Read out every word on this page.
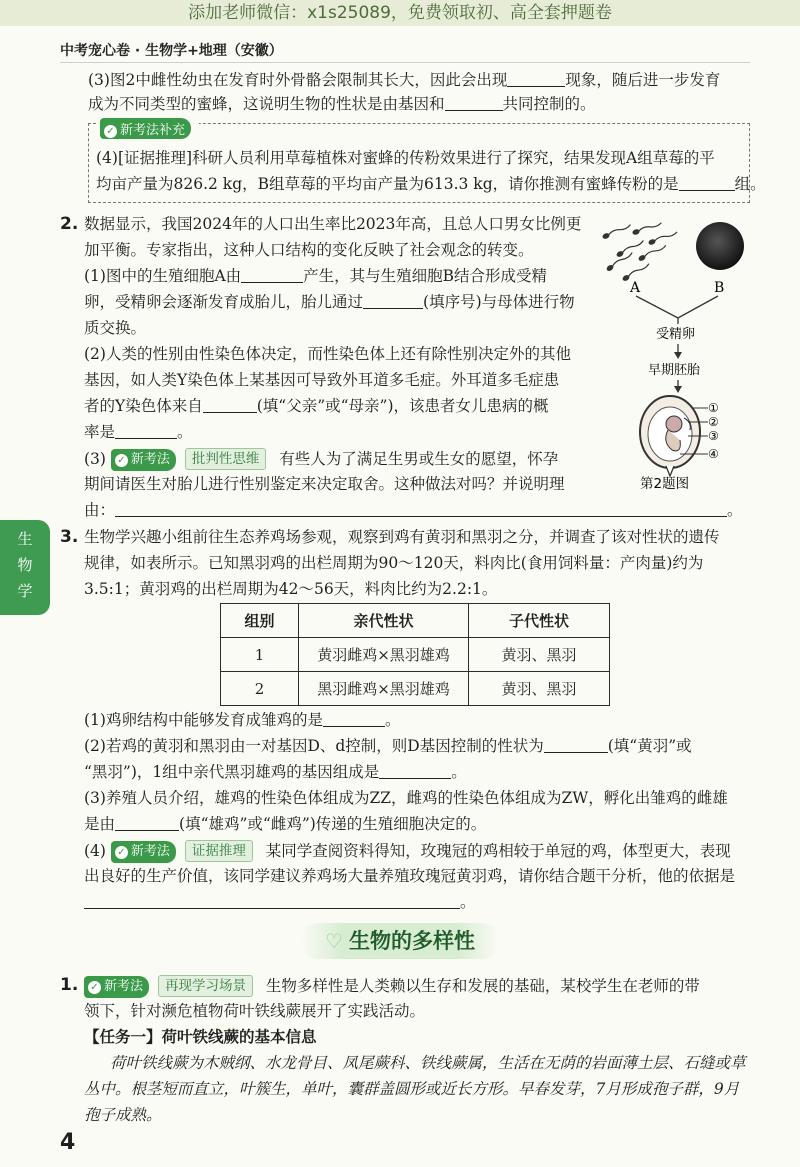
添加老师微信：x1s25089，免费领取初、高全套押题卷
中考宠心卷 · 生物学+地理（安徽）
生
物
学
(3)图2中雌性幼虫在发育时外骨骼会限制其长大，因此会出现	现象，随后进一步发育
成为不同类型的蜜蜂，这说明生物的性状是由基因和	共同控制的。
✓ 新考法补充
(4)[证据推理]科研人员利用草莓植株对蜜蜂的传粉效果进行了探究，结果发现A组草莓的平
均亩产量为826.2 kg，B组草莓的平均亩产量为613.3 kg，请你推测有蜜蜂传粉的是	组。
2. 数据显示，我国2024年的人口出生率比2023年高，且总人口男女比例更
加平衡。专家指出，这种人口结构的变化反映了社会观念的转变。
(1)图中的生殖细胞A由	产生，其与生殖细胞B结合形成受精
卵，受精卵会逐渐发育成胎儿，胎儿通过	(填序号)与母体进行物
质交换。
(2)人类的性别由性染色体决定，而性染色体上还有除性别决定外的其他
基因，如人类Y染色体上某基因可导致外耳道多毛症。外耳道多毛症患
者的Y染色体来自	(填“父亲”或“母亲”)，该患者女儿患病的概
率是	。
(3) ✓ 新考法 批判性思维 有些人为了满足生男或生女的愿望，怀孕
期间请医生对胎儿进行性别鉴定来决定取舍。这种做法对吗？并说明理
由：	。
A	B
受精卵
早期胚胎
①
②
③
④
第2题图
3. 生物学兴趣小组前往生态养鸡场参观，观察到鸡有黄羽和黑羽之分，并调查了该对性状的遗传
规律，如表所示。已知黑羽鸡的出栏周期为90～120天，料肉比(食用饲料量：产肉量)约为
3.5:1；黄羽鸡的出栏周期为42～56天，料肉比约为2.2:1。
组别	亲代性状	子代性状
1	黄羽雌鸡×黑羽雄鸡	黄羽、黑羽
2	黑羽雌鸡×黑羽雄鸡	黄羽、黑羽
(1)鸡卵结构中能够发育成雏鸡的是	。
(2)若鸡的黄羽和黑羽由一对基因D、d控制，则D基因控制的性状为	(填“黄羽”或
“黑羽”)，1组中亲代黑羽雄鸡的基因组成是	。
(3)养殖人员介绍，雄鸡的性染色体组成为ZZ，雌鸡的性染色体组成为ZW，孵化出雏鸡的雌雄
是由	(填“雄鸡”或“雌鸡”)传递的生殖细胞决定的。
(4) ✓ 新考法 证据推理 某同学查阅资料得知，玫瑰冠的鸡相较于单冠的鸡，体型更大，表现
出良好的生产价值，该同学建议养鸡场大量养殖玫瑰冠黄羽鸡，请你结合题干分析，他的依据是
。
♡ 生物的多样性
1.	✓ 新考法 再现学习场景 生物多样性是人类赖以生存和发展的基础，某校学生在老师的带
领下，针对濒危植物荷叶铁线蕨展开了实践活动。
【任务一】荷叶铁线蕨的基本信息
荷叶铁线蕨为木贼纲、水龙骨目、凤尾蕨科、铁线蕨属，生活在无荫的岩面薄土层、石缝或草
丛中。根茎短而直立，叶簇生，单叶，囊群盖圆形或近长方形。早春发芽，7月形成孢子群，9月
孢子成熟。
4
